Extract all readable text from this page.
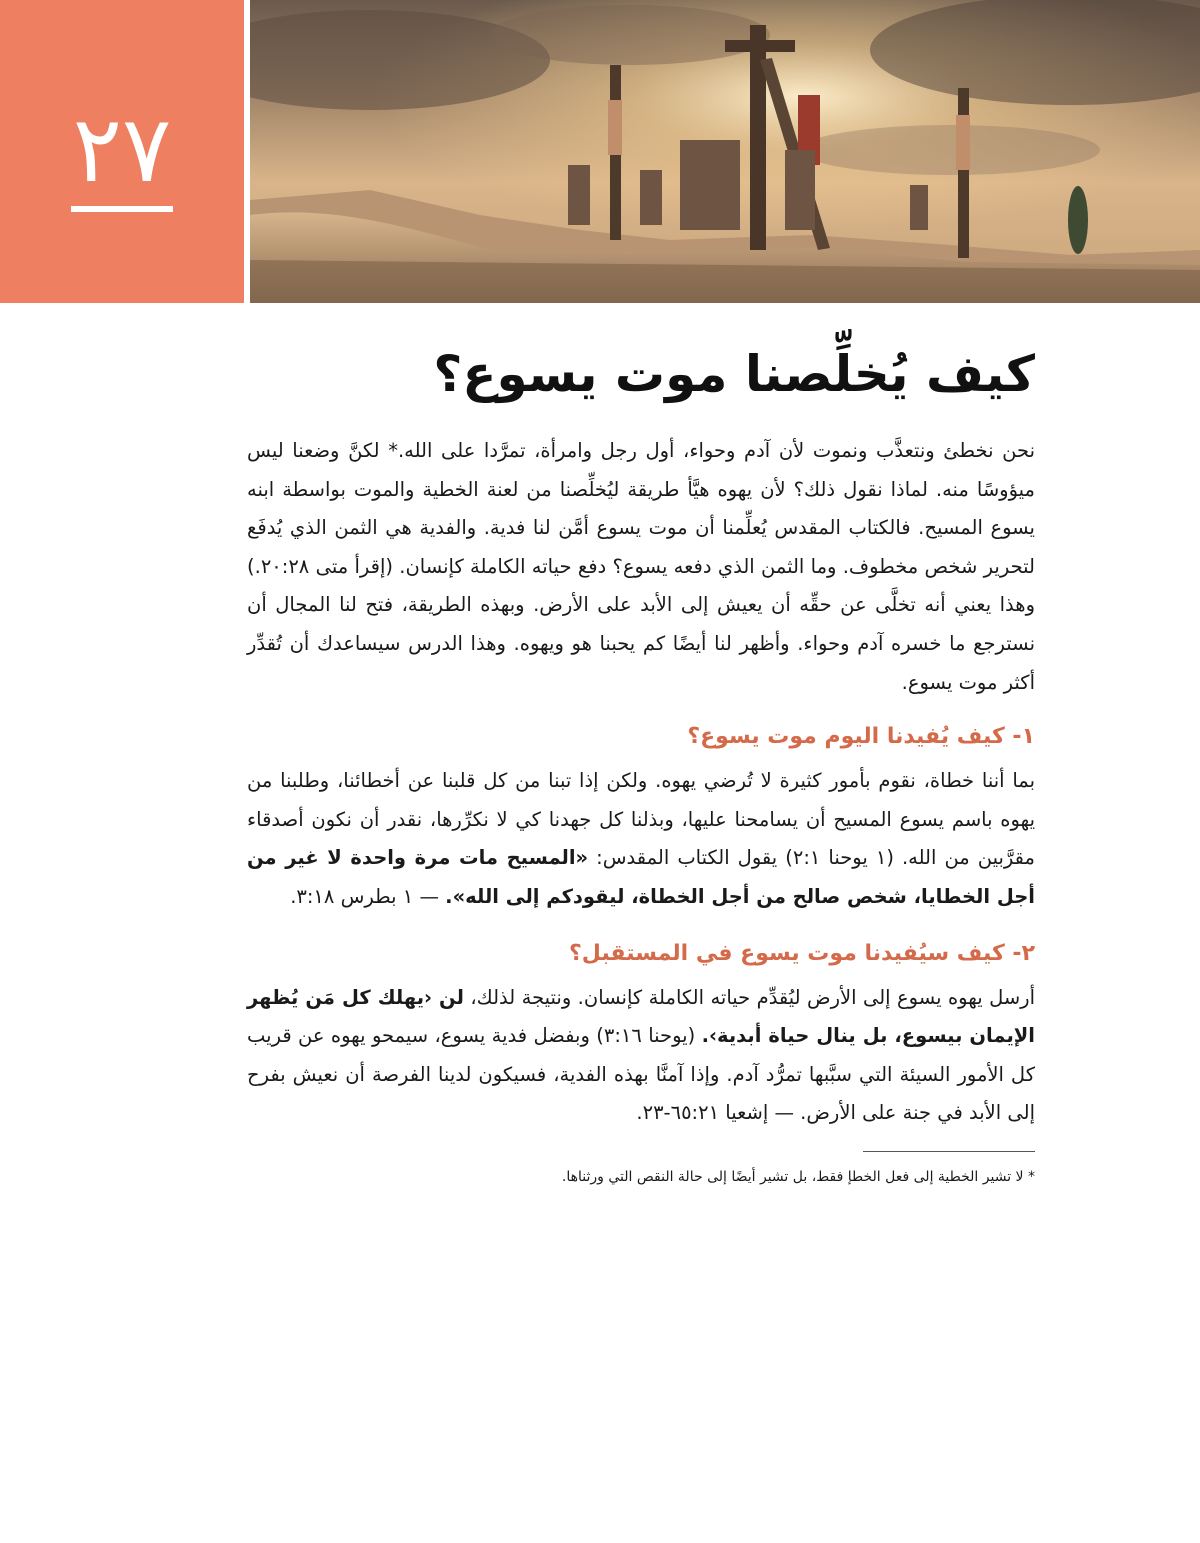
٢٧
كيف يُخلِّصنا موت يسوع؟

نحن نخطئ ونتعذَّب ونموت لأن آدم وحواء، أول رجل وامرأة، تمرَّدا على الله.* لكنَّ وضعنا ليس ميؤوسًا منه. لماذا نقول ذلك؟ لأن يهوه هيَّأ طريقة ليُخلِّصنا من لعنة الخطية والموت بواسطة ابنه يسوع المسيح. فالكتاب المقدس يُعلِّمنا أن موت يسوع أمَّن لنا فدية. والفدية هي الثمن الذي يُدفَع لتحرير شخص مخطوف. وما الثمن الذي دفعه يسوع؟ دفع حياته الكاملة كإنسان. (إقرأ متى ٢٠:٢٨.) وهذا يعني أنه تخلَّى عن حقِّه أن يعيش إلى الأبد على الأرض. وبهذه الطريقة، فتح لنا المجال أن نسترجع ما خسره آدم وحواء. وأظهر لنا أيضًا كم يحبنا هو ويهوه. وهذا الدرس سيساعدك أن تُقدِّر أكثر موت يسوع.

١- كيف يُفيدنا اليوم موت يسوع؟

بما أننا خطاة، نقوم بأمور كثيرة لا تُرضي يهوه. ولكن إذا تبنا من كل قلبنا عن أخطائنا، وطلبنا من يهوه باسم يسوع المسيح أن يسامحنا عليها، وبذلنا كل جهدنا كي لا نكرِّرها، نقدر أن نكون أصدقاء مقرَّبين من الله. (١ يوحنا ٢:١) يقول الكتاب المقدس: «المسيح مات مرة واحدة لا غير من أجل الخطايا، شخص صالح من أجل الخطاة، ليقودكم إلى الله». — ١ بطرس ٣:١٨.

٢- كيف سيُفيدنا موت يسوع في المستقبل؟

أرسل يهوه يسوع إلى الأرض ليُقدِّم حياته الكاملة كإنسان. ونتيجة لذلك، لن ‹يهلك كل مَن يُظهر الإيمان بيسوع، بل ينال حياة أبدية›. (يوحنا ٣:١٦) وبفضل فدية يسوع، سيمحو يهوه عن قريب كل الأمور السيئة التي سبَّبها تمرُّد آدم. وإذا آمنَّا بهذه الفدية، فسيكون لدينا الفرصة أن نعيش بفرح إلى الأبد في جنة على الأرض. — إشعيا ٦٥:٢١-٢٣.

* لا تشير الخطية إلى فعل الخطإ فقط، بل تشير أيضًا إلى حالة النقص التي ورثناها.
